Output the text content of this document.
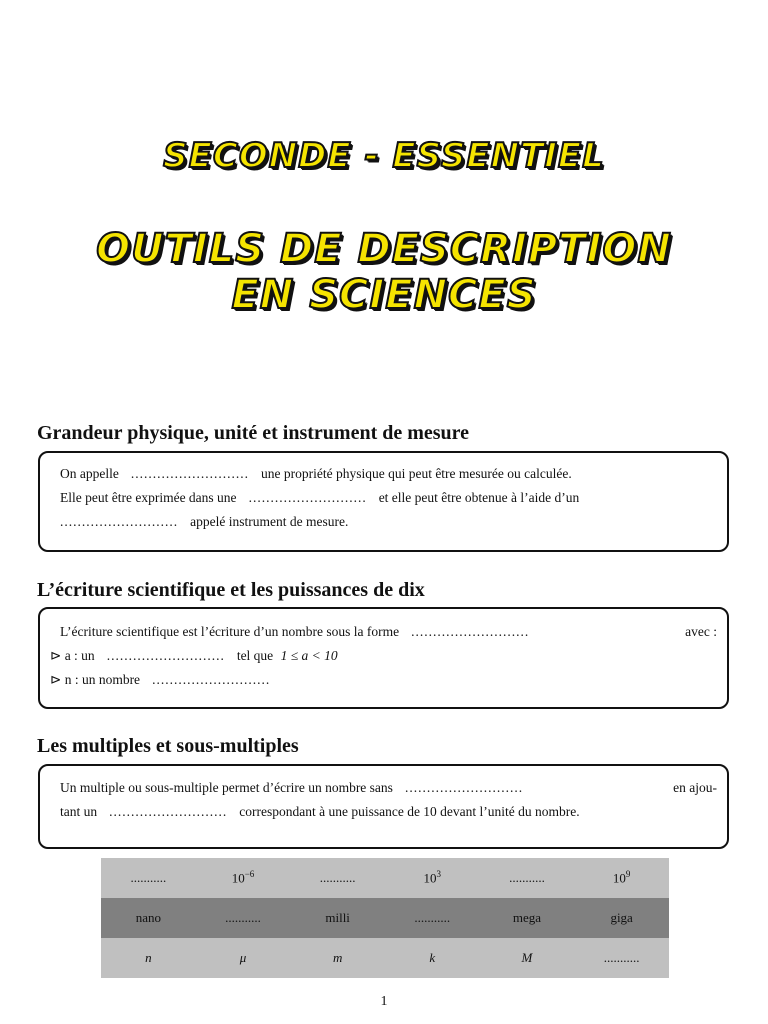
SECONDE - ESSENTIEL
OUTILS DE DESCRIPTION
EN SCIENCES
Grandeur physique, unité et instrument de mesure
On appelle ........................... une propriété physique qui peut être mesurée ou calculée.
Elle peut être exprimée dans une ........................... et elle peut être obtenue à l’aide d’un
........................... appelé instrument de mesure.
L’écriture scientifique et les puissances de dix
L’écriture scientifique est l’écriture d’un nombre sous la forme ...........................	avec :
⊳ a : un ........................... tel que 1 ≤ a < 10
⊳ n : un nombre ...........................
Les multiples et sous-multiples
Un multiple ou sous-multiple permet d’écrire un nombre sans ...........................	en ajou-
tant un ........................... correspondant à une puissance de 10 devant l’unité du nombre.
...........	$10^{-6}$	...........	$10^3$	...........	$10^9$
nano	...........	milli	...........	mega	giga
n	μ	m	k	M	...........
1
